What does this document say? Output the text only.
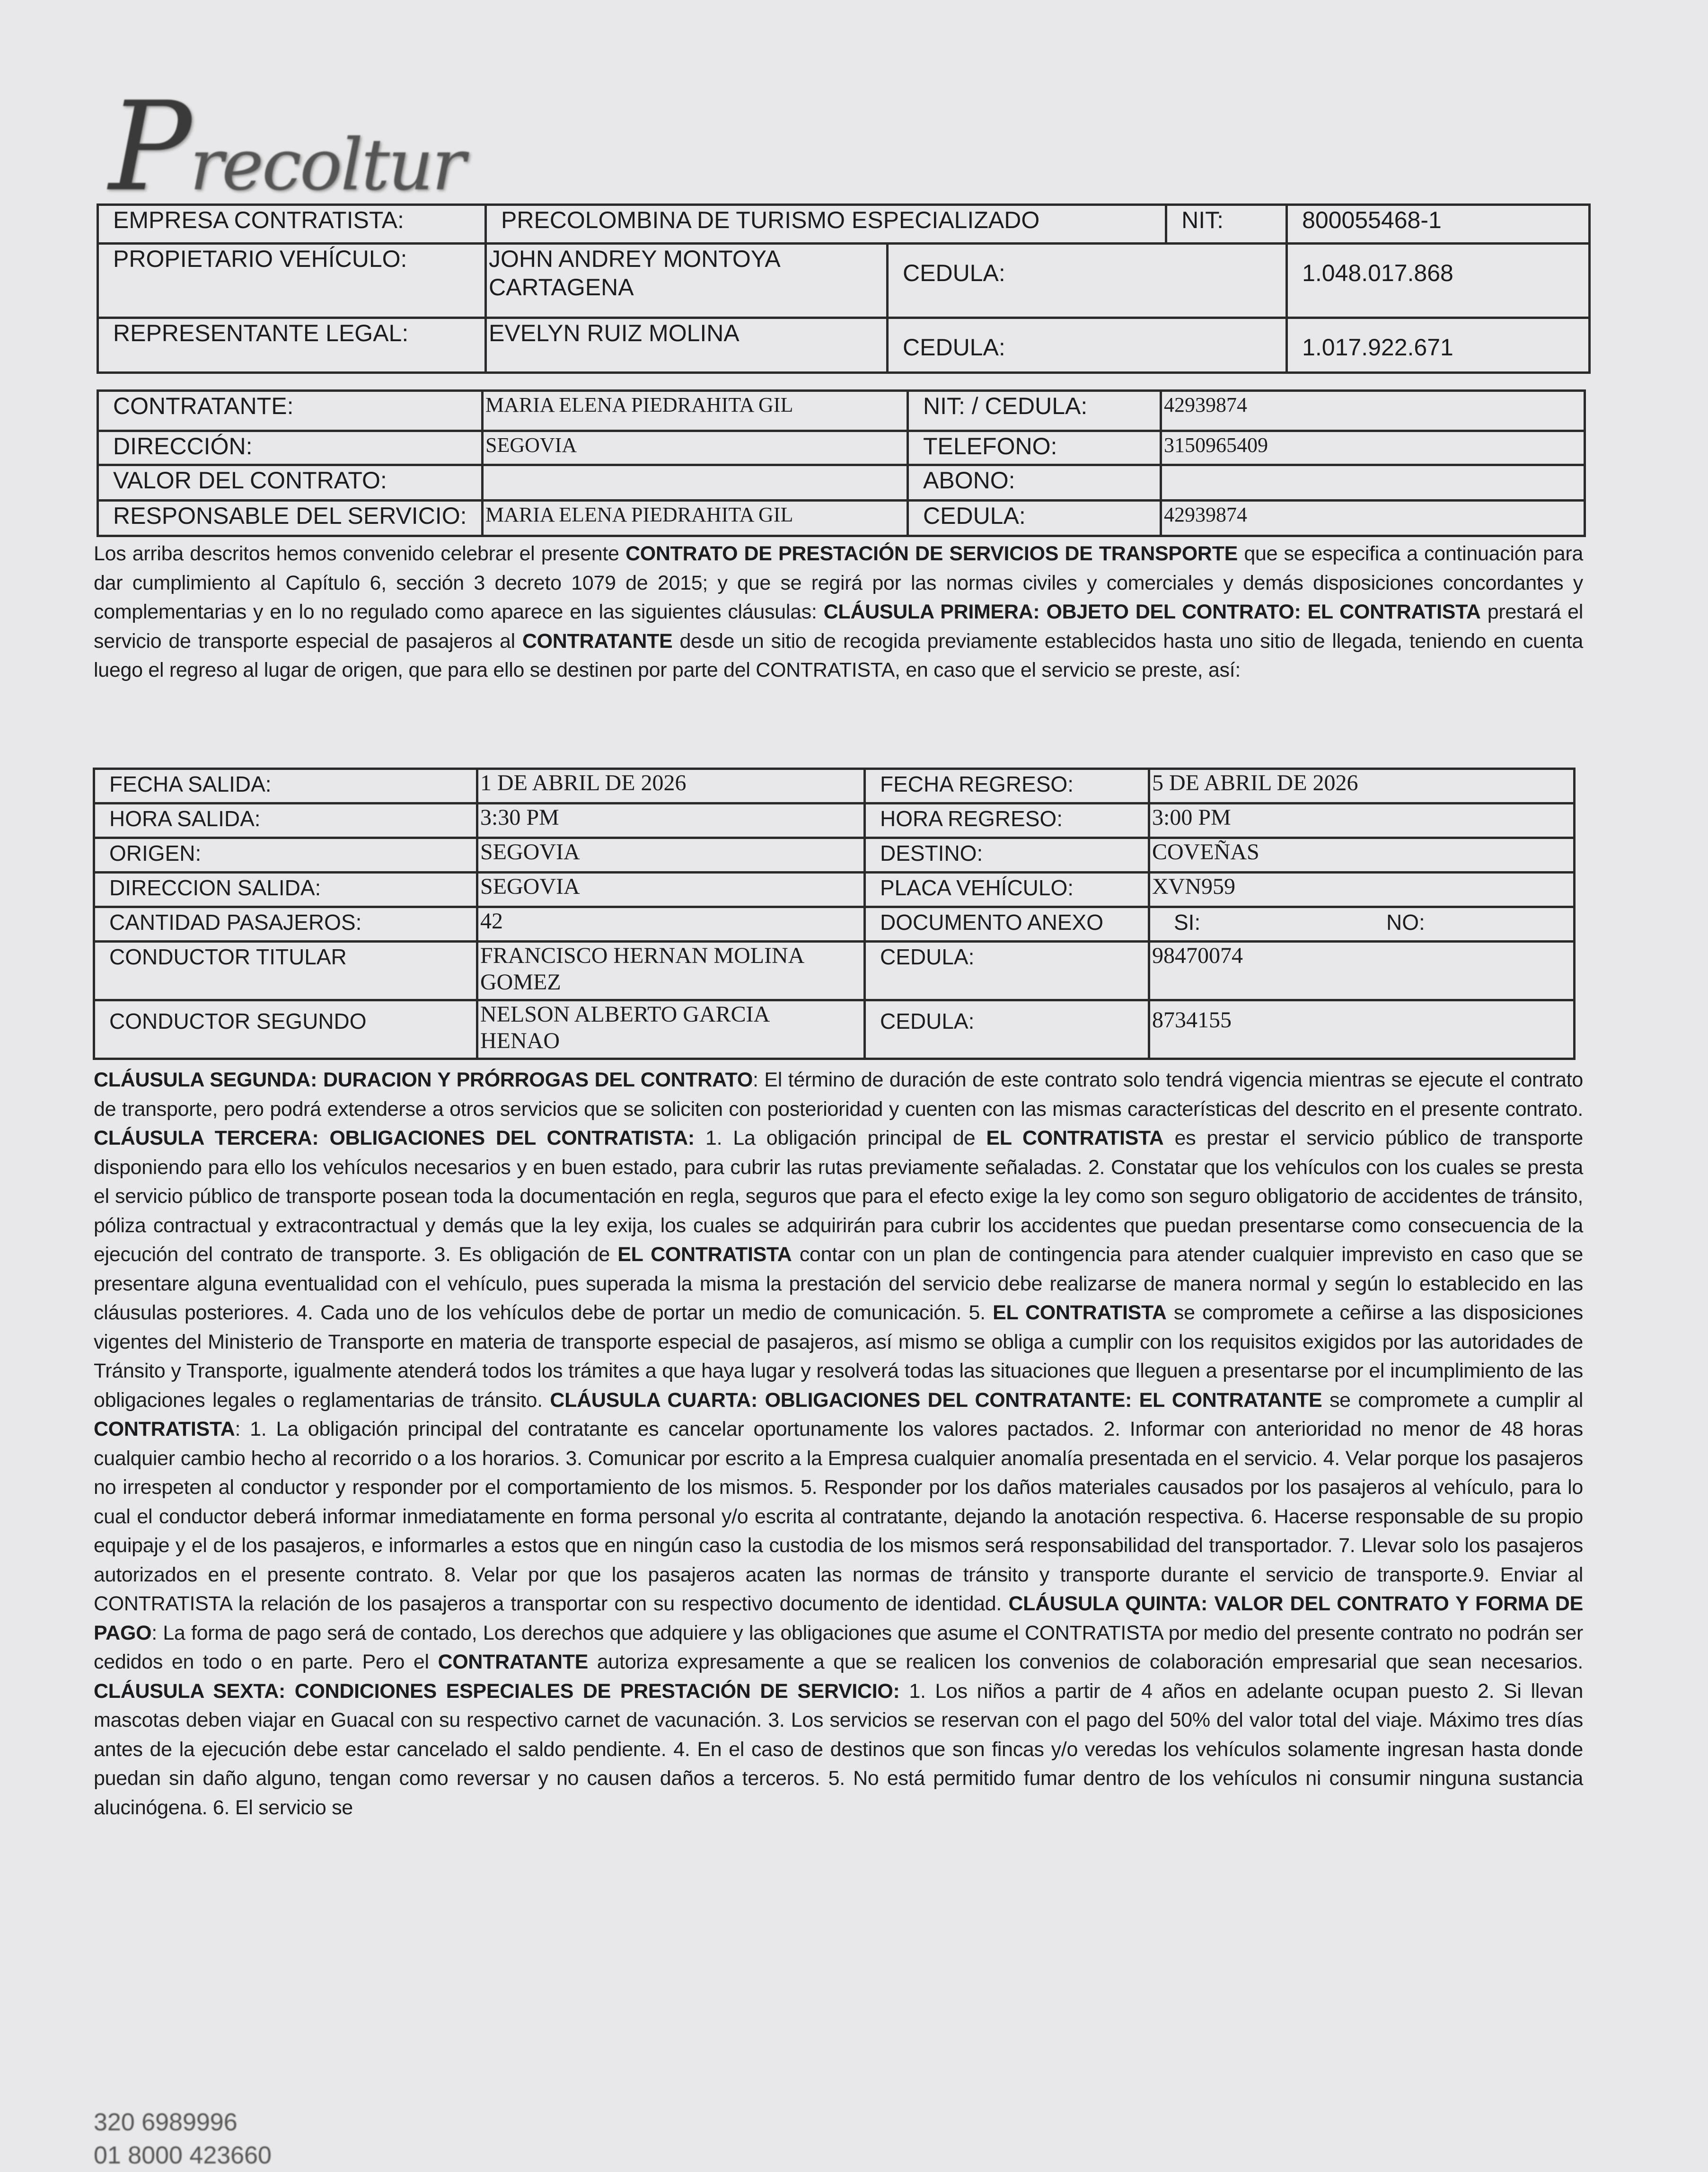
Precoltur
EMPRESA CONTRATISTA:	PRECOLOMBINA DE TURISMO ESPECIALIZADO		NIT:	800055468-1
PROPIETARIO VEHÍCULO:	JOHN ANDREY MONTOYA CARTAGENA	CEDULA:		1.048.017.868
REPRESENTANTE LEGAL:	EVELYN RUIZ MOLINA	CEDULA:		1.017.922.671
CONTRATANTE:	MARIA ELENA PIEDRAHITA GIL	NIT: / CEDULA:	42939874
DIRECCIÓN:	SEGOVIA	TELEFONO:	3150965409
VALOR DEL CONTRATO:		ABONO:	
RESPONSABLE DEL SERVICIO:	MARIA ELENA PIEDRAHITA GIL	CEDULA:	42939874
Los arriba descritos hemos convenido celebrar el presente CONTRATO DE PRESTACIÓN DE SERVICIOS DE TRANSPORTE que se especifica a continuación para dar cumplimiento al Capítulo 6, sección 3 decreto 1079 de 2015; y que se regirá por las normas civiles y comerciales y demás disposiciones concordantes y complementarias y en lo no regulado como aparece en las siguientes cláusulas: CLÁUSULA PRIMERA: OBJETO DEL CONTRATO: EL CONTRATISTA prestará el servicio de transporte especial de pasajeros al CONTRATANTE desde un sitio de recogida previamente establecidos hasta uno sitio de llegada, teniendo en cuenta luego el regreso al lugar de origen, que para ello se destinen por parte del CONTRATISTA, en caso que el servicio se preste, así:
FECHA SALIDA:	1 DE ABRIL DE 2026	FECHA REGRESO:	5 DE ABRIL DE 2026
HORA SALIDA:	3:30 PM	HORA REGRESO:	3:00 PM
ORIGEN:	SEGOVIA	DESTINO:	COVEÑAS
DIRECCION SALIDA:	SEGOVIA	PLACA VEHÍCULO:	XVN959
CANTIDAD PASAJEROS:	42	DOCUMENTO ANEXO	SI: NO:
CONDUCTOR TITULAR	FRANCISCO HERNAN MOLINA GOMEZ	CEDULA:	98470074
CONDUCTOR SEGUNDO	NELSON ALBERTO GARCIA HENAO	CEDULA:	8734155
CLÁUSULA SEGUNDA: DURACION Y PRÓRROGAS DEL CONTRATO: El término de duración de este contrato solo tendrá vigencia mientras se ejecute el contrato de transporte, pero podrá extenderse a otros servicios que se soliciten con posterioridad y cuenten con las mismas características del descrito en el presente contrato. CLÁUSULA TERCERA: OBLIGACIONES DEL CONTRATISTA: 1. La obligación principal de EL CONTRATISTA es prestar el servicio público de transporte disponiendo para ello los vehículos necesarios y en buen estado, para cubrir las rutas previamente señaladas. 2. Constatar que los vehículos con los cuales se presta el servicio público de transporte posean toda la documentación en regla, seguros que para el efecto exige la ley como son seguro obligatorio de accidentes de tránsito, póliza contractual y extracontractual y demás que la ley exija, los cuales se adquirirán para cubrir los accidentes que puedan presentarse como consecuencia de la ejecución del contrato de transporte. 3. Es obligación de EL CONTRATISTA contar con un plan de contingencia para atender cualquier imprevisto en caso que se presentare alguna eventualidad con el vehículo, pues superada la misma la prestación del servicio debe realizarse de manera normal y según lo establecido en las cláusulas posteriores. 4. Cada uno de los vehículos debe de portar un medio de comunicación. 5. EL CONTRATISTA se compromete a ceñirse a las disposiciones vigentes del Ministerio de Transporte en materia de transporte especial de pasajeros, así mismo se obliga a cumplir con los requisitos exigidos por las autoridades de Tránsito y Transporte, igualmente atenderá todos los trámites a que haya lugar y resolverá todas las situaciones que lleguen a presentarse por el incumplimiento de las obligaciones legales o reglamentarias de tránsito. CLÁUSULA CUARTA: OBLIGACIONES DEL CONTRATANTE: EL CONTRATANTE se compromete a cumplir al CONTRATISTA: 1. La obligación principal del contratante es cancelar oportunamente los valores pactados. 2. Informar con anterioridad no menor de 48 horas cualquier cambio hecho al recorrido o a los horarios. 3. Comunicar por escrito a la Empresa cualquier anomalía presentada en el servicio. 4. Velar porque los pasajeros no irrespeten al conductor y responder por el comportamiento de los mismos. 5. Responder por los daños materiales causados por los pasajeros al vehículo, para lo cual el conductor deberá informar inmediatamente en forma personal y/o escrita al contratante, dejando la anotación respectiva. 6. Hacerse responsable de su propio equipaje y el de los pasajeros, e informarles a estos que en ningún caso la custodia de los mismos será responsabilidad del transportador. 7. Llevar solo los pasajeros autorizados en el presente contrato. 8. Velar por que los pasajeros acaten las normas de tránsito y transporte durante el servicio de transporte.9. Enviar al CONTRATISTA la relación de los pasajeros a transportar con su respectivo documento de identidad. CLÁUSULA QUINTA: VALOR DEL CONTRATO Y FORMA DE PAGO: La forma de pago será de contado, Los derechos que adquiere y las obligaciones que asume el CONTRATISTA por medio del presente contrato no podrán ser cedidos en todo o en parte. Pero el CONTRATANTE autoriza expresamente a que se realicen los convenios de colaboración empresarial que sean necesarios. CLÁUSULA SEXTA: CONDICIONES ESPECIALES DE PRESTACIÓN DE SERVICIO: 1. Los niños a partir de 4 años en adelante ocupan puesto 2. Si llevan mascotas deben viajar en Guacal con su respectivo carnet de vacunación. 3. Los servicios se reservan con el pago del 50% del valor total del viaje. Máximo tres días antes de la ejecución debe estar cancelado el saldo pendiente. 4. En el caso de destinos que son fincas y/o veredas los vehículos solamente ingresan hasta donde puedan sin daño alguno, tengan como reversar y no causen daños a terceros. 5. No está permitido fumar dentro de los vehículos ni consumir ninguna sustancia alucinógena. 6. El servicio se
320 6989996
01 8000 423660
